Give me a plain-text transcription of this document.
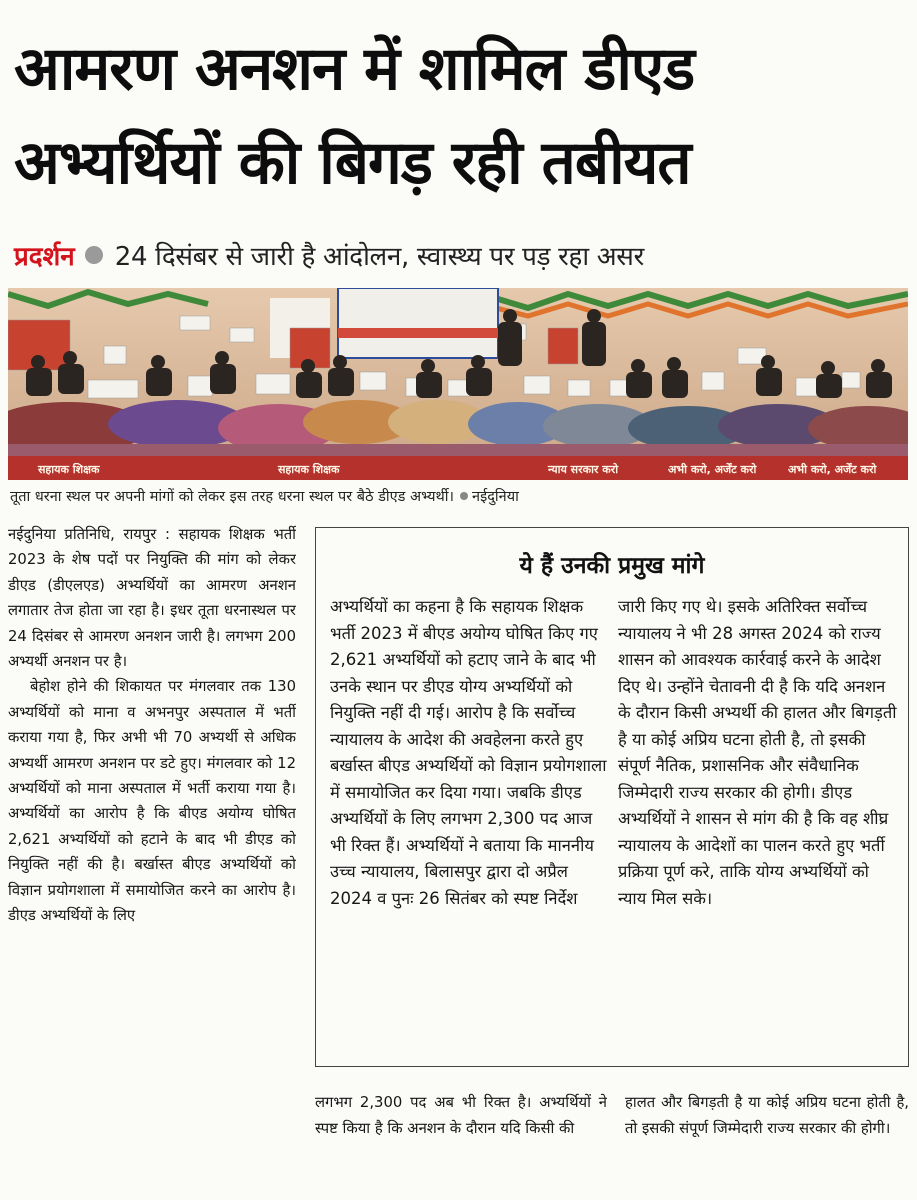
आमरण अनशन में शामिल डीएड
अभ्यर्थियों की बिगड़ रही तबीयत
प्रदर्शन 24 दिसंबर से जारी है आंदोलन, स्वास्थ्य पर पड़ रहा असर
सहायक शिक्षक	सहायक शिक्षक	न्याय सरकार करो	अभी करो, अर्जेंट करो	अभी करो, अर्जेंट करो
तूता धरना स्थल पर अपनी मांगों को लेकर इस तरह धरना स्थल पर बैठे डीएड अभ्यर्थी। नईदुनिया

नईदुनिया प्रतिनिधि, रायपुर : सहायक शिक्षक भर्ती 2023 के शेष पदों पर नियुक्ति की मांग को लेकर डीएड (डीएलएड) अभ्यर्थियों का आमरण अनशन लगातार तेज होता जा रहा है। इधर तूता धरनास्थल पर 24 दिसंबर से आमरण अनशन जारी है। लगभग 200 अभ्यर्थी अनशन पर है।

बेहोश होने की शिकायत पर मंगलवार तक 130 अभ्यर्थियों को माना व अभनपुर अस्पताल में भर्ती कराया गया है, फिर अभी भी 70 अभ्यर्थी से अधिक अभ्यर्थी आमरण अनशन पर डटे हुए। मंगलवार को 12 अभ्यर्थियों को माना अस्पताल में भर्ती कराया गया है। अभ्यर्थियों का आरोप है कि बीएड अयोग्य घोषित 2,621 अभ्यर्थियों को हटाने के बाद भी डीएड को नियुक्ति नहीं की है। बर्खास्त बीएड अभ्यर्थियों को विज्ञान प्रयोगशाला में समायोजित करने का आरोप है। डीएड अभ्यर्थियों के लिए

ये हैं उनकी प्रमुख मांगे
अभ्यर्थियों का कहना है कि सहायक शिक्षक भर्ती 2023 में बीएड अयोग्य घोषित किए गए 2,621 अभ्यर्थियों को हटाए जाने के बाद भी उनके स्थान पर डीएड योग्य अभ्यर्थियों को नियुक्ति नहीं दी गई। आरोप है कि सर्वोच्च न्यायालय के आदेश की अवहेलना करते हुए बर्खास्त बीएड अभ्यर्थियों को विज्ञान प्रयोगशाला में समायोजित कर दिया गया। जबकि डीएड अभ्यर्थियों के लिए लगभग 2,300 पद आज भी रिक्त हैं। अभ्यर्थियों ने बताया कि माननीय उच्च न्यायालय, बिलासपुर द्वारा दो अप्रैल 2024 व पुनः 26 सितंबर को स्पष्ट निर्देश
जारी किए गए थे। इसके अतिरिक्त सर्वोच्च न्यायालय ने भी 28 अगस्त 2024 को राज्य शासन को आवश्यक कार्रवाई करने के आदेश दिए थे। उन्होंने चेतावनी दी है कि यदि अनशन के दौरान किसी अभ्यर्थी की हालत और बिगड़ती है या कोई अप्रिय घटना होती है, तो इसकी संपूर्ण नैतिक, प्रशासनिक और संवैधानिक जिम्मेदारी राज्य सरकार की होगी। डीएड अभ्यर्थियों ने शासन से मांग की है कि वह शीघ्र न्यायालय के आदेशों का पालन करते हुए भर्ती प्रक्रिया पूर्ण करे, ताकि योग्य अभ्यर्थियों को न्याय मिल सके।
लगभग 2,300 पद अब भी रिक्त है। अभ्यर्थियों ने स्पष्ट किया है कि अनशन के दौरान यदि किसी की
हालत और बिगड़ती है या कोई अप्रिय घटना होती है, तो इसकी संपूर्ण जिम्मेदारी राज्य सरकार की होगी।
